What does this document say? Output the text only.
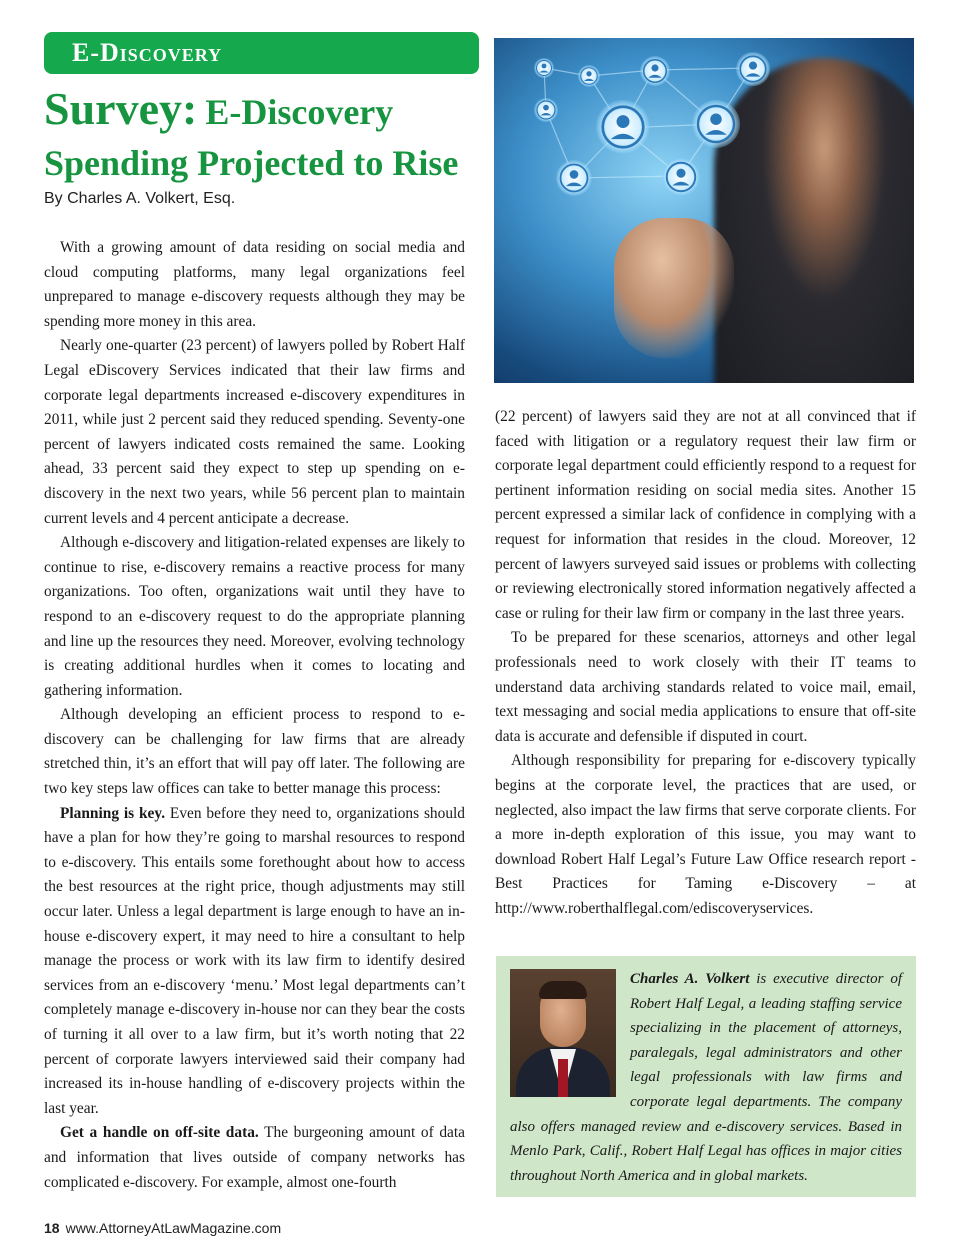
E-Discovery
Survey: E-Discovery
Spending Projected to Rise

By Charles A. Volkert, Esq.

With a growing amount of data residing on social media and cloud computing platforms, many legal organizations feel unprepared to manage e-discovery requests although they may be spending more money in this area.

Nearly one-quarter (23 percent) of lawyers polled by Robert Half Legal eDiscovery Services indicated that their law firms and corporate legal departments increased e-discovery expenditures in 2011, while just 2 percent said they reduced spending. Seventy-one percent of lawyers indicated costs remained the same. Looking ahead, 33 percent said they expect to step up spending on e-discovery in the next two years, while 56 percent plan to maintain current levels and 4 percent anticipate a decrease.

Although e-discovery and litigation-related expenses are likely to continue to rise, e-discovery remains a reactive process for many organizations. Too often, organizations wait until they have to respond to an e-discovery request to do the appropriate planning and line up the resources they need. Moreover, evolving technology is creating additional hurdles when it comes to locating and gathering information.

Although developing an efficient process to respond to e-discovery can be challenging for law firms that are already stretched thin, it’s an effort that will pay off later. The following are two key steps law offices can take to better manage this process:

Planning is key. Even before they need to, organizations should have a plan for how they’re going to marshal resources to respond to e-discovery. This entails some forethought about how to access the best resources at the right price, though adjustments may still occur later. Unless a legal department is large enough to have an in-house e-discovery expert, it may need to hire a consultant to help manage the process or work with its law firm to identify desired services from an e-discovery ‘menu.’ Most legal departments can’t completely manage e-discovery in-house nor can they bear the costs of turning it all over to a law firm, but it’s worth noting that 22 percent of corporate lawyers interviewed said their company had increased its in-house handling of e-discovery projects within the last year.

Get a handle on off-site data. The burgeoning amount of data and information that lives outside of company networks has complicated e-discovery. For example, almost one-fourth

(22 percent) of lawyers said they are not at all convinced that if faced with litigation or a regulatory request their law firm or corporate legal department could efficiently respond to a request for pertinent information residing on social media sites. Another 15 percent expressed a similar lack of confidence in complying with a request for information that resides in the cloud. Moreover, 12 percent of lawyers surveyed said issues or problems with collecting or reviewing electronically stored information negatively affected a case or ruling for their law firm or company in the last three years.

To be prepared for these scenarios, attorneys and other legal professionals need to work closely with their IT teams to understand data archiving standards related to voice mail, email, text messaging and social media applications to ensure that off-site data is accurate and defensible if disputed in court.

Although responsibility for preparing for e-discovery typically begins at the corporate level, the practices that are used, or neglected, also impact the law firms that serve corporate clients. For a more in-depth exploration of this issue, you may want to download Robert Half Legal’s Future Law Office research report - Best Practices for Taming e-Discovery – at http://www.roberthalflegal.com/ediscoveryservices.

Charles A. Volkert is executive director of Robert Half Legal, a leading staffing service specializing in the placement of attorneys, paralegals, legal administrators and other legal professionals with law firms and corporate legal departments. The company also offers managed review and e-discovery services. Based in Menlo Park, Calif., Robert Half Legal has offices in major cities throughout North America and in global markets.

18 www.AttorneyAtLawMagazine.com
